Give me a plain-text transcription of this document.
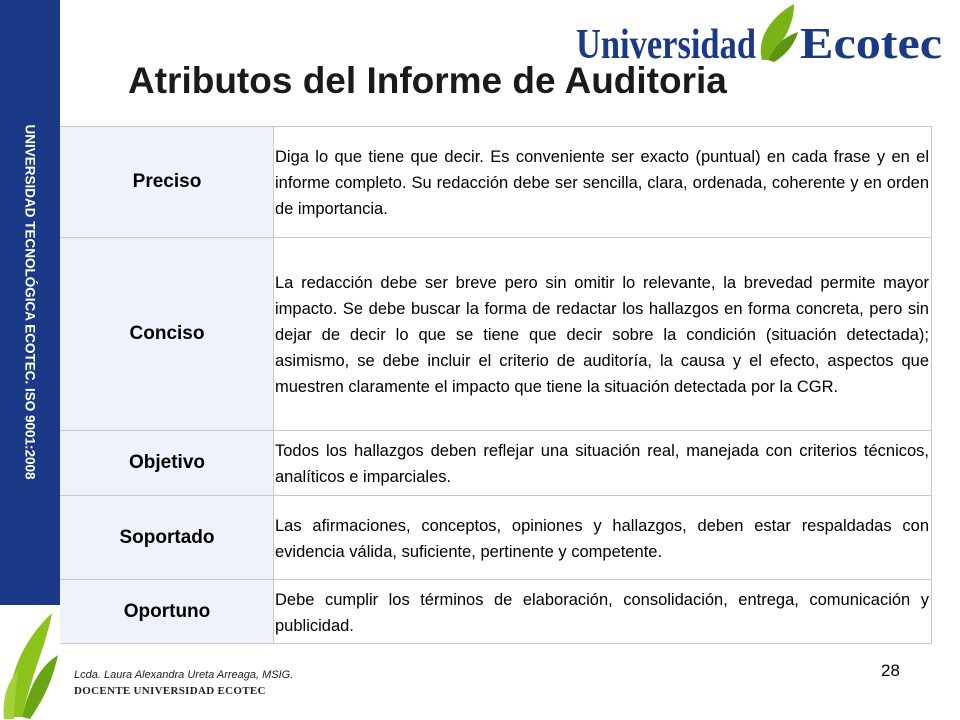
UNIVERSIDAD TECNOLÓGICA ECOTEC. ISO 9001:2008
Universidad Ecotec
Atributos del Informe de Auditoria
Preciso	Diga lo que tiene que decir. Es conveniente ser exacto (puntual) en cada frase y en el informe completo. Su redacción debe ser sencilla, clara, ordenada, coherente y en orden de importancia.

Conciso	La redacción debe ser breve pero sin omitir lo relevante, la brevedad permite mayor impacto. Se debe buscar la forma de redactar los hallazgos en forma concreta, pero sin dejar de decir lo que se tiene que decir sobre la condición (situación detectada); asimismo, se debe incluir el criterio de auditoría, la causa y el efecto, aspectos que muestren claramente el impacto que tiene la situación detectada por la CGR.

Objetivo	Todos los hallazgos deben reflejar una situación real, manejada con criterios técnicos, analíticos e imparciales.

Soportado	Las afirmaciones, conceptos, opiniones y hallazgos, deben estar respaldadas con evidencia válida, suficiente, pertinente y competente.

Oportuno	Debe cumplir los términos de elaboración, consolidación, entrega, comunicación y publicidad.
Lcda. Laura Alexandra Ureta Arreaga, MSIG.
DOCENTE UNIVERSIDAD ECOTEC
28
